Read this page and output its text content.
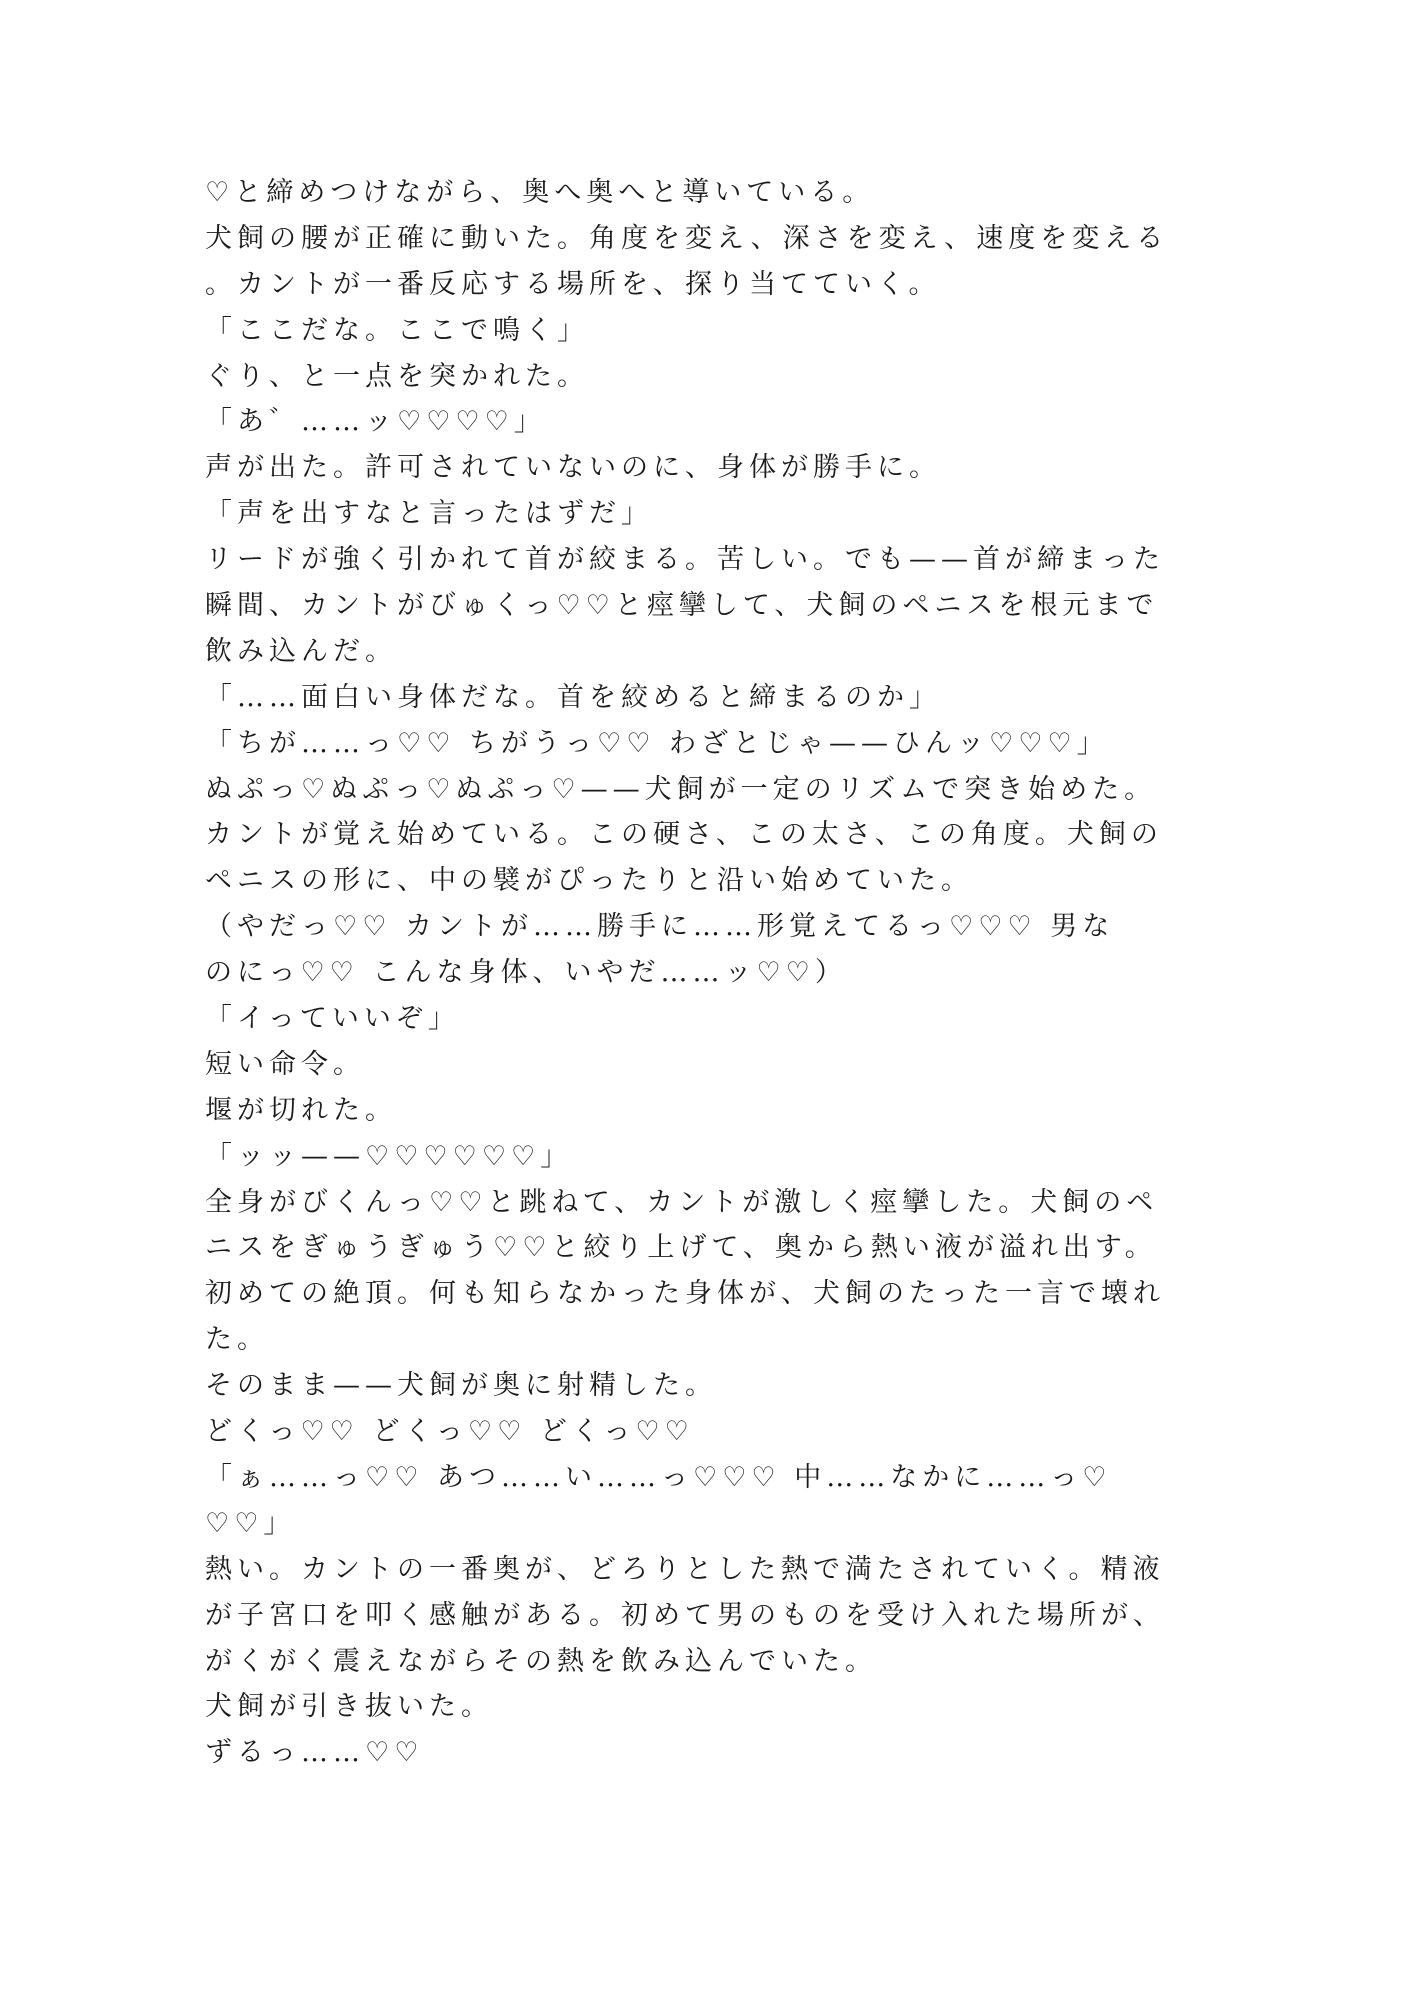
♡と締めつけながら、奥へ奥へと導いている。
犬飼の腰が正確に動いた。角度を変え、深さを変え、速度を変える
。カントが一番反応する場所を、探り当てていく。
「ここだな。ここで鳴く」
ぐり、と一点を突かれた。
「あ゛……ッ♡♡♡♡」
声が出た。許可されていないのに、身体が勝手に。
「声を出すなと言ったはずだ」
リードが強く引かれて首が絞まる。苦しい。でも——首が締まった
瞬間、カントがびゅくっ♡♡と痙攣して、犬飼のペニスを根元まで
飲み込んだ。
「……面白い身体だな。首を絞めると締まるのか」
「ちが……っ♡♡ ちがうっ♡♡ わざとじゃ——ひんッ♡♡♡」
ぬぷっ♡ぬぷっ♡ぬぷっ♡——犬飼が一定のリズムで突き始めた。
カントが覚え始めている。この硬さ、この太さ、この角度。犬飼の
ペニスの形に、中の襞がぴったりと沿い始めていた。
（やだっ♡♡ カントが……勝手に……形覚えてるっ♡♡♡ 男な
のにっ♡♡ こんな身体、いやだ……ッ♡♡）
「イっていいぞ」
短い命令。
堰が切れた。
「ッッ——♡♡♡♡♡♡」
全身がびくんっ♡♡と跳ねて、カントが激しく痙攣した。犬飼のペ
ニスをぎゅうぎゅう♡♡と絞り上げて、奥から熱い液が溢れ出す。
初めての絶頂。何も知らなかった身体が、犬飼のたった一言で壊れ
た。
そのまま——犬飼が奥に射精した。
どくっ♡♡ どくっ♡♡ どくっ♡♡
「ぁ……っ♡♡ あつ……い……っ♡♡♡ 中……なかに……っ♡
♡♡」
熱い。カントの一番奥が、どろりとした熱で満たされていく。精液
が子宮口を叩く感触がある。初めて男のものを受け入れた場所が、
がくがく震えながらその熱を飲み込んでいた。
犬飼が引き抜いた。
ずるっ……♡♡
